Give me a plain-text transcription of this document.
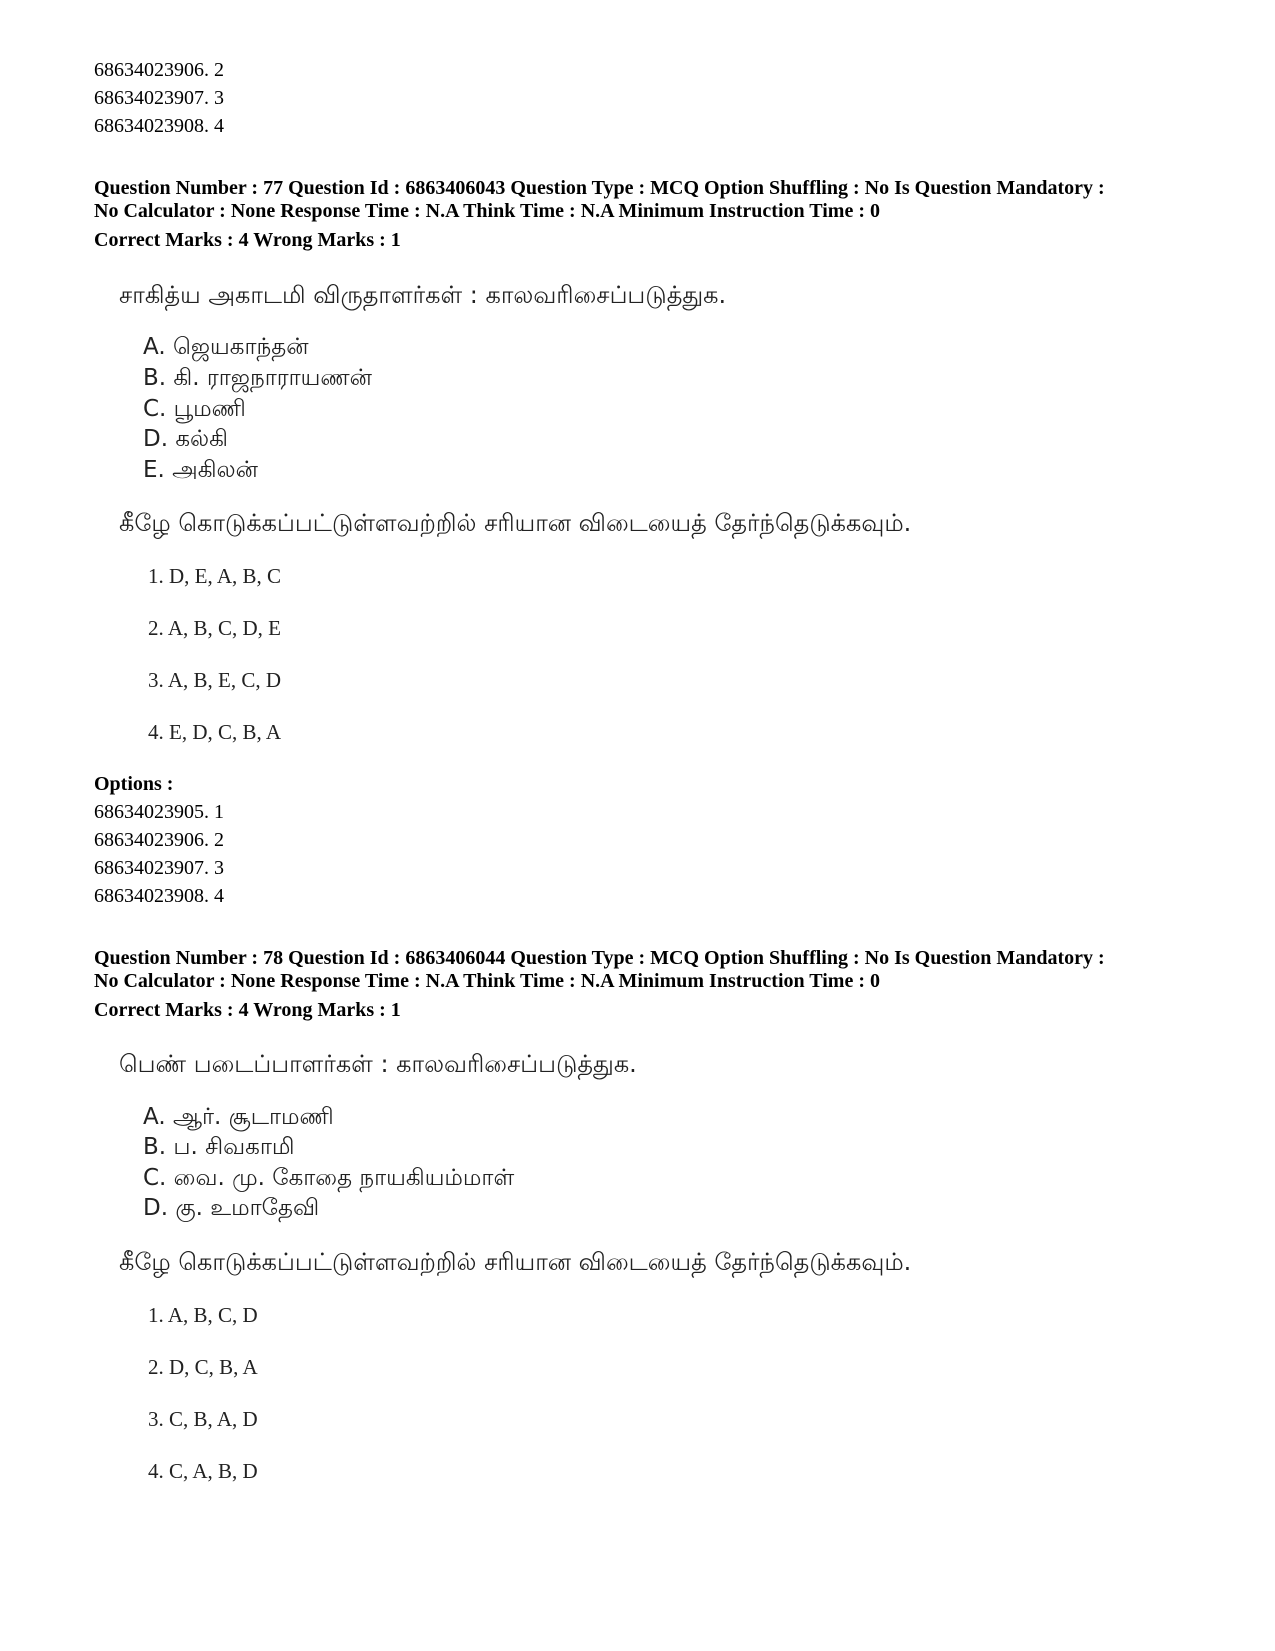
68634023906. 2
68634023907. 3
68634023908. 4
Question Number : 77 Question Id : 6863406043 Question Type : MCQ Option Shuffling : No Is Question Mandatory :
No Calculator : None Response Time : N.A Think Time : N.A Minimum Instruction Time : 0
Correct Marks : 4 Wrong Marks : 1
சாகித்ய அகாடமி விருதாளர்கள் : காலவரிசைப்படுத்துக.
A. ஜெயகாந்தன்
B. கி. ராஜநாராயணன்
C. பூமணி
D. கல்கி
E. அகிலன்
கீழே கொடுக்கப்பட்டுள்ளவற்றில் சரியான விடையைத் தேர்ந்தெடுக்கவும்.
1. D, E, A, B, C
2. A, B, C, D, E
3. A, B, E, C, D
4. E, D, C, B, A
Options :
68634023905. 1
68634023906. 2
68634023907. 3
68634023908. 4
Question Number : 78 Question Id : 6863406044 Question Type : MCQ Option Shuffling : No Is Question Mandatory :
No Calculator : None Response Time : N.A Think Time : N.A Minimum Instruction Time : 0
Correct Marks : 4 Wrong Marks : 1
பெண் படைப்பாளர்கள் : காலவரிசைப்படுத்துக.
A. ஆர். சூடாமணி
B. ப. சிவகாமி
C. வை. மு. கோதை நாயகியம்மாள்
D. கு. உமாதேவி
கீழே கொடுக்கப்பட்டுள்ளவற்றில் சரியான விடையைத் தேர்ந்தெடுக்கவும்.
1. A, B, C, D
2. D, C, B, A
3. C, B, A, D
4. C, A, B, D
